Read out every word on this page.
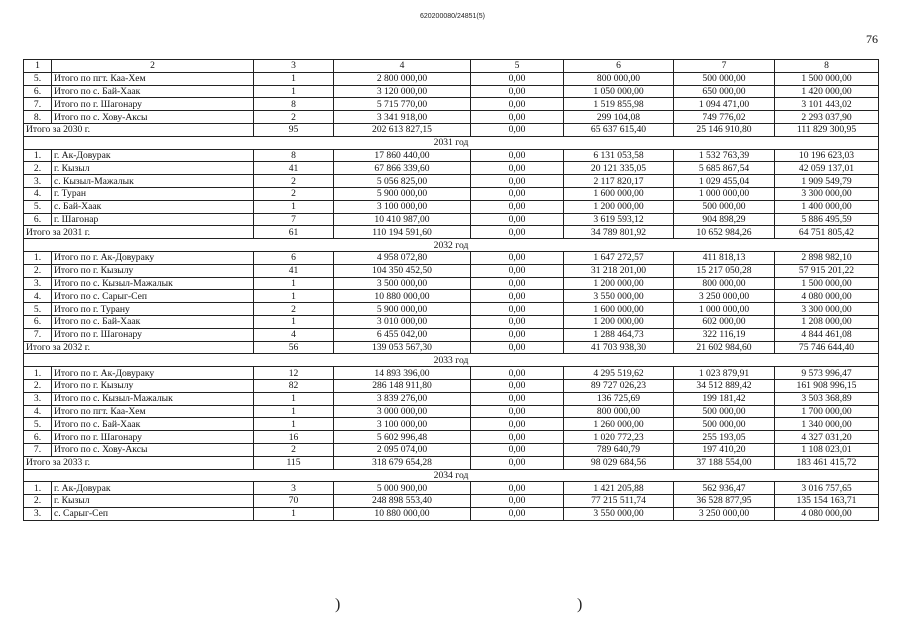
620200080/24851(5)
76
1	2	3	4	5	6	7	8
5.	Итого по пгт. Каа-Хем	1	2 800 000,00	0,00	800 000,00	500 000,00	1 500 000,00
6.	Итого по с. Бай-Хаак	1	3 120 000,00	0,00	1 050 000,00	650 000,00	1 420 000,00
7.	Итого по г. Шагонару	8	5 715 770,00	0,00	1 519 855,98	1 094 471,00	3 101 443,02
8.	Итого по с. Хову-Аксы	2	3 341 918,00	0,00	299 104,08	749 776,02	2 293 037,90
Итого за 2030 г.		95	202 613 827,15	0,00	65 637 615,40	25 146 910,80	111 829 300,95
2031 год							
1.	г. Ак-Довурак	8	17 860 440,00	0,00	6 131 053,58	1 532 763,39	10 196 623,03
2.	г. Кызыл	41	67 866 339,60	0,00	20 121 335,05	5 685 867,54	42 059 137,01
3.	с. Кызыл-Мажалык	2	5 056 825,00	0,00	2 117 820,17	1 029 455,04	1 909 549,79
4.	г. Туран	2	5 900 000,00	0,00	1 600 000,00	1 000 000,00	3 300 000,00
5.	с. Бай-Хаак	1	3 100 000,00	0,00	1 200 000,00	500 000,00	1 400 000,00
6.	г. Шагонар	7	10 410 987,00	0,00	3 619 593,12	904 898,29	5 886 495,59
Итого за 2031 г.		61	110 194 591,60	0,00	34 789 801,92	10 652 984,26	64 751 805,42
2032 год							
1.	Итого по г. Ак-Довураку	6	4 958 072,80	0,00	1 647 272,57	411 818,13	2 898 982,10
2.	Итого по г. Кызылу	41	104 350 452,50	0,00	31 218 201,00	15 217 050,28	57 915 201,22
3.	Итого по с. Кызыл-Мажалык	1	3 500 000,00	0,00	1 200 000,00	800 000,00	1 500 000,00
4.	Итого по с. Сарыг-Сеп	1	10 880 000,00	0,00	3 550 000,00	3 250 000,00	4 080 000,00
5.	Итого по г. Турану	2	5 900 000,00	0,00	1 600 000,00	1 000 000,00	3 300 000,00
6.	Итого по с. Бай-Хаак	1	3 010 000,00	0,00	1 200 000,00	602 000,00	1 208 000,00
7.	Итого по г. Шагонару	4	6 455 042,00	0,00	1 288 464,73	322 116,19	4 844 461,08
Итого за 2032 г.		56	139 053 567,30	0,00	41 703 938,30	21 602 984,60	75 746 644,40
2033 год							
1.	Итого по г. Ак-Довураку	12	14 893 396,00	0,00	4 295 519,62	1 023 879,91	9 573 996,47
2.	Итого по г. Кызылу	82	286 148 911,80	0,00	89 727 026,23	34 512 889,42	161 908 996,15
3.	Итого по с. Кызыл-Мажалык	1	3 839 276,00	0,00	136 725,69	199 181,42	3 503 368,89
4.	Итого по пгт. Каа-Хем	1	3 000 000,00	0,00	800 000,00	500 000,00	1 700 000,00
5.	Итого по с. Бай-Хаак	1	3 100 000,00	0,00	1 260 000,00	500 000,00	1 340 000,00
6.	Итого по г. Шагонару	16	5 602 996,48	0,00	1 020 772,23	255 193,05	4 327 031,20
7.	Итого по с. Хову-Аксы	2	2 095 074,00	0,00	789 640,79	197 410,20	1 108 023,01
Итого за 2033 г.		115	318 679 654,28	0,00	98 029 684,56	37 188 554,00	183 461 415,72
2034 год							
1.	г. Ак-Довурак	3	5 000 900,00	0,00	1 421 205,88	562 936,47	3 016 757,65
2.	г. Кызыл	70	248 898 553,40	0,00	77 215 511,74	36 528 877,95	135 154 163,71
3.	с. Сарыг-Сеп	1	10 880 000,00	0,00	3 550 000,00	3 250 000,00	4 080 000,00
)	)
